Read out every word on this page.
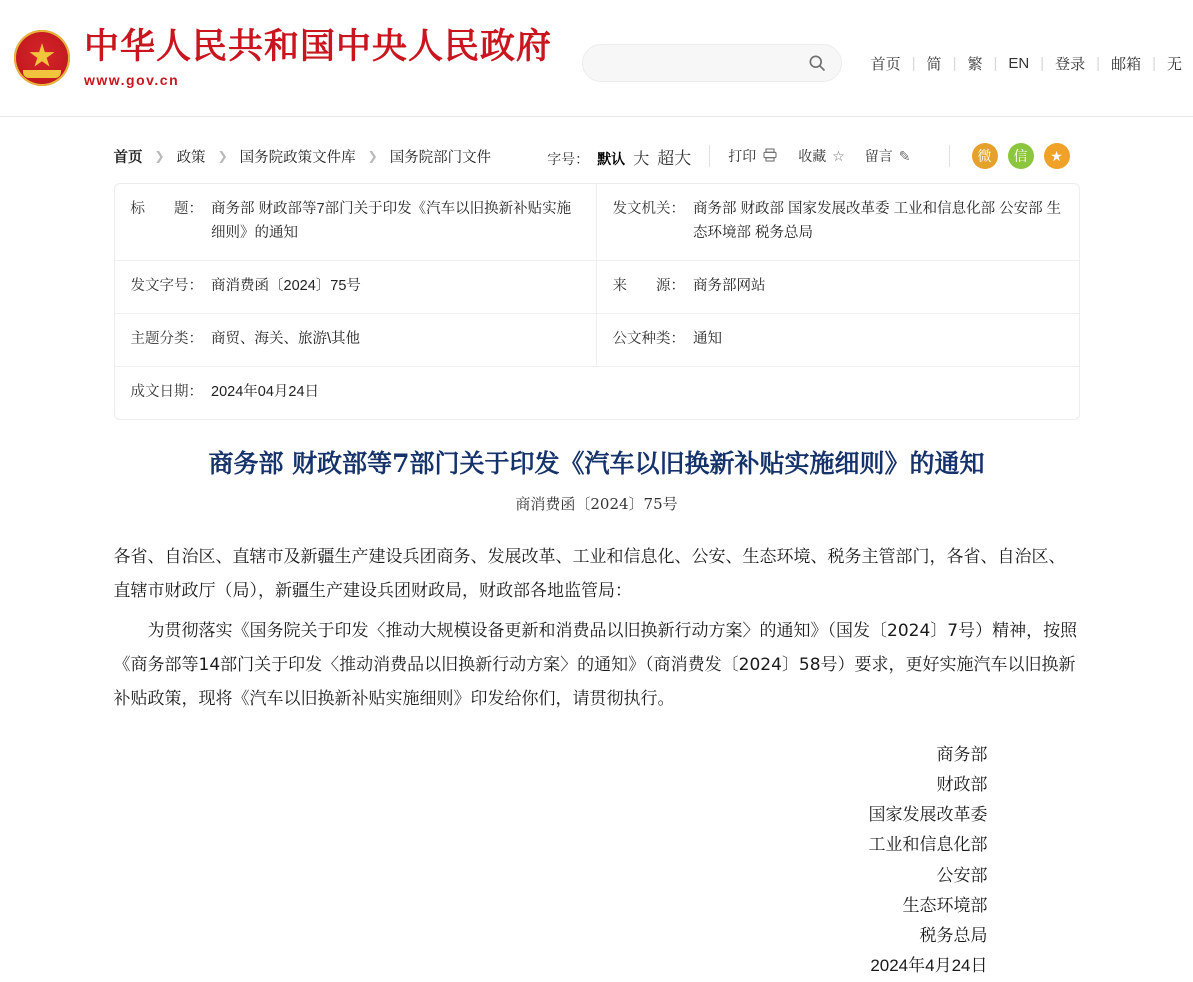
中华人民共和国中央人民政府
www.gov.cn
首页 | 简 | 繁 | EN | 登录 | 邮箱 | 无
首页 ❯ 政策 ❯ 国务院政策文件库 ❯ 国务院部门文件	字号： 默认 大 超大	打印	收藏 ☆ 留言 ✎	微	信	★
标　　题： 商务部 财政部等7部门关于印发《汽车以旧换新补贴实施细则》的通知
发文机关： 商务部 财政部 国家发展改革委 工业和信息化部 公安部 生态环境部 税务总局
发文字号： 商消费函〔2024〕75号	来　　源： 商务部网站
主题分类： 商贸、海关、旅游\其他	公文种类： 通知
成文日期： 2024年04月24日
商务部 财政部等7部门关于印发《汽车以旧换新补贴实施细则》的通知
商消费函〔2024〕75号

各省、自治区、直辖市及新疆生产建设兵团商务、发展改革、工业和信息化、公安、生态环境、税务主管部门，各省、自治区、直辖市财政厅（局），新疆生产建设兵团财政局，财政部各地监管局：

为贯彻落实《国务院关于印发〈推动大规模设备更新和消费品以旧换新行动方案〉的通知》（国发〔2024〕7号）精神，按照《商务部等14部门关于印发〈推动消费品以旧换新行动方案〉的通知》（商消费发〔2024〕58号）要求，更好实施汽车以旧换新补贴政策，现将《汽车以旧换新补贴实施细则》印发给你们，请贯彻执行。

商务部
财政部
国家发展改革委
工业和信息化部
公安部
生态环境部
税务总局
2024年4月24日
